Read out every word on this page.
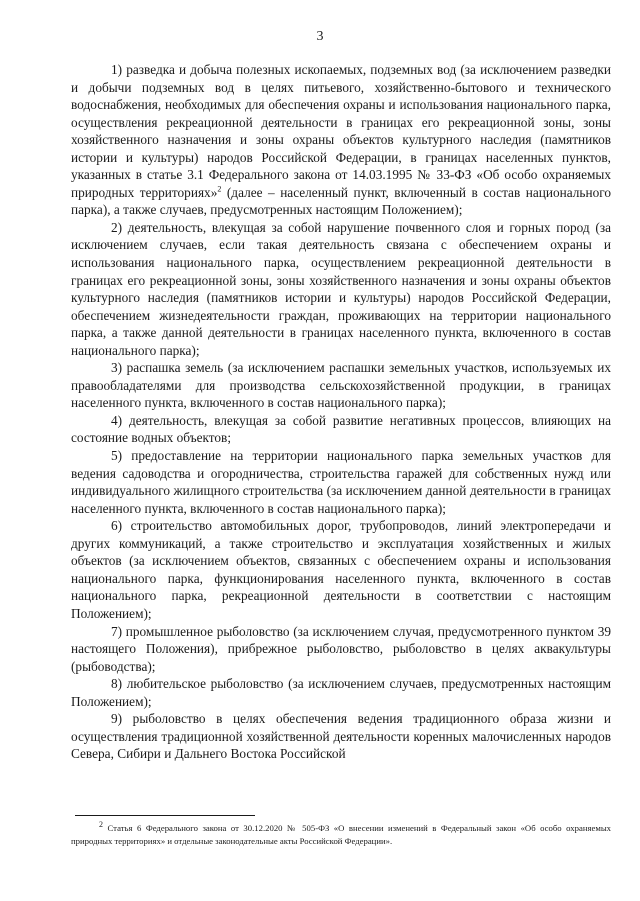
3

1) разведка и добыча полезных ископаемых, подземных вод (за исключением разведки и добычи подземных вод в целях питьевого, хозяйственно-бытового и технического водоснабжения, необходимых для обеспечения охраны и использования национального парка, осуществления рекреационной деятельности в границах его рекреационной зоны, зоны хозяйственного назначения и зоны охраны объектов культурного наследия (памятников истории и культуры) народов Российской Федерации, в границах населенных пунктов, указанных в статье 3.1 Федерального закона от 14.03.1995 № 33-ФЗ «Об особо охраняемых природных территориях»$^2$ (далее – населенный пункт, включенный в состав национального парка), а также случаев, предусмотренных настоящим Положением);

2) деятельность, влекущая за собой нарушение почвенного слоя и горных пород (за исключением случаев, если такая деятельность связана с обеспечением охраны и использования национального парка, осуществлением рекреационной деятельности в границах его рекреационной зоны, зоны хозяйственного назначения и зоны охраны объектов культурного наследия (памятников истории и культуры) народов Российской Федерации, обеспечением жизнедеятельности граждан, проживающих на территории национального парка, а также данной деятельности в границах населенного пункта, включенного в состав национального парка);

3) распашка земель (за исключением распашки земельных участков, используемых их правообладателями для производства сельскохозяйственной продукции, в границах населенного пункта, включенного в состав национального парка);

4) деятельность, влекущая за собой развитие негативных процессов, влияющих на состояние водных объектов;

5) предоставление на территории национального парка земельных участков для ведения садоводства и огородничества, строительства гаражей для собственных нужд или индивидуального жилищного строительства (за исключением данной деятельности в границах населенного пункта, включенного в состав национального парка);

6) строительство автомобильных дорог, трубопроводов, линий электропередачи и других коммуникаций, а также строительство и эксплуатация хозяйственных и жилых объектов (за исключением объектов, связанных с обеспечением охраны и использования национального парка, функционирования населенного пункта, включенного в состав национального парка, рекреационной деятельности в соответствии с настоящим Положением);

7) промышленное рыболовство (за исключением случая, предусмотренного пунктом 39 настоящего Положения), прибрежное рыболовство, рыболовство в целях аквакультуры (рыбоводства);

8) любительское рыболовство (за исключением случаев, предусмотренных настоящим Положением);

9) рыболовство в целях обеспечения ведения традиционного образа жизни и осуществления традиционной хозяйственной деятельности коренных малочисленных народов Севера, Сибири и Дальнего Востока Российской

$^2$ Статья 6 Федерального закона от 30.12.2020 № 505-ФЗ «О внесении изменений в Федеральный закон «Об особо охраняемых природных территориях» и отдельные законодательные акты Российской Федерации».
